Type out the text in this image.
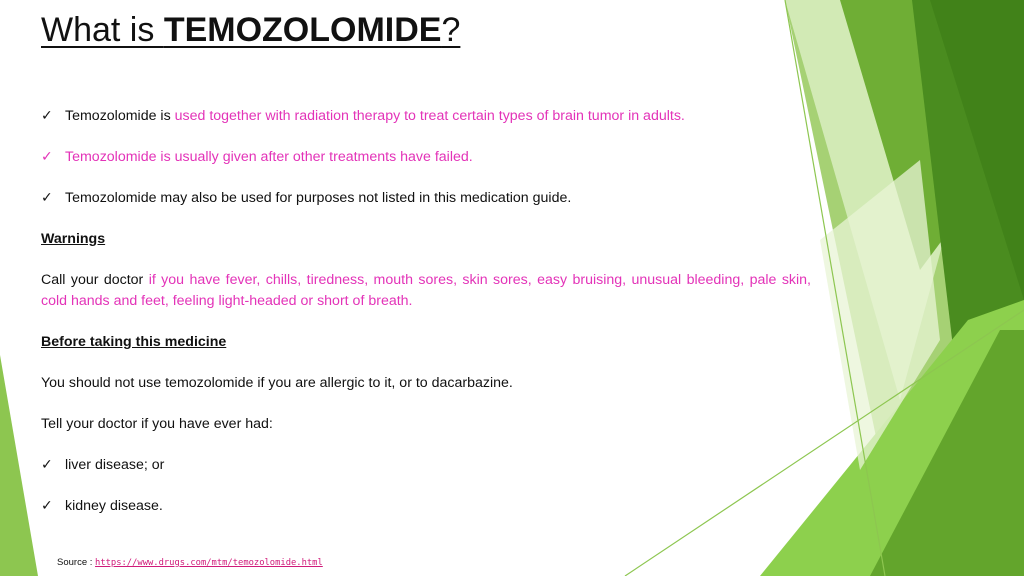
What is TEMOZOLOMIDE?
✓ Temozolomide is used together with radiation therapy to treat certain types of brain tumor in adults.
✓ Temozolomide is usually given after other treatments have failed.
✓ Temozolomide may also be used for purposes not listed in this medication guide.
Warnings
Call your doctor if you have fever, chills, tiredness, mouth sores, skin sores, easy bruising, unusual bleeding, pale skin, cold hands and feet, feeling light-headed or short of breath.
Before taking this medicine
You should not use temozolomide if you are allergic to it, or to dacarbazine.
Tell your doctor if you have ever had:
✓ liver disease; or
✓ kidney disease.
Source : https://www.drugs.com/mtm/temozolomide.html
